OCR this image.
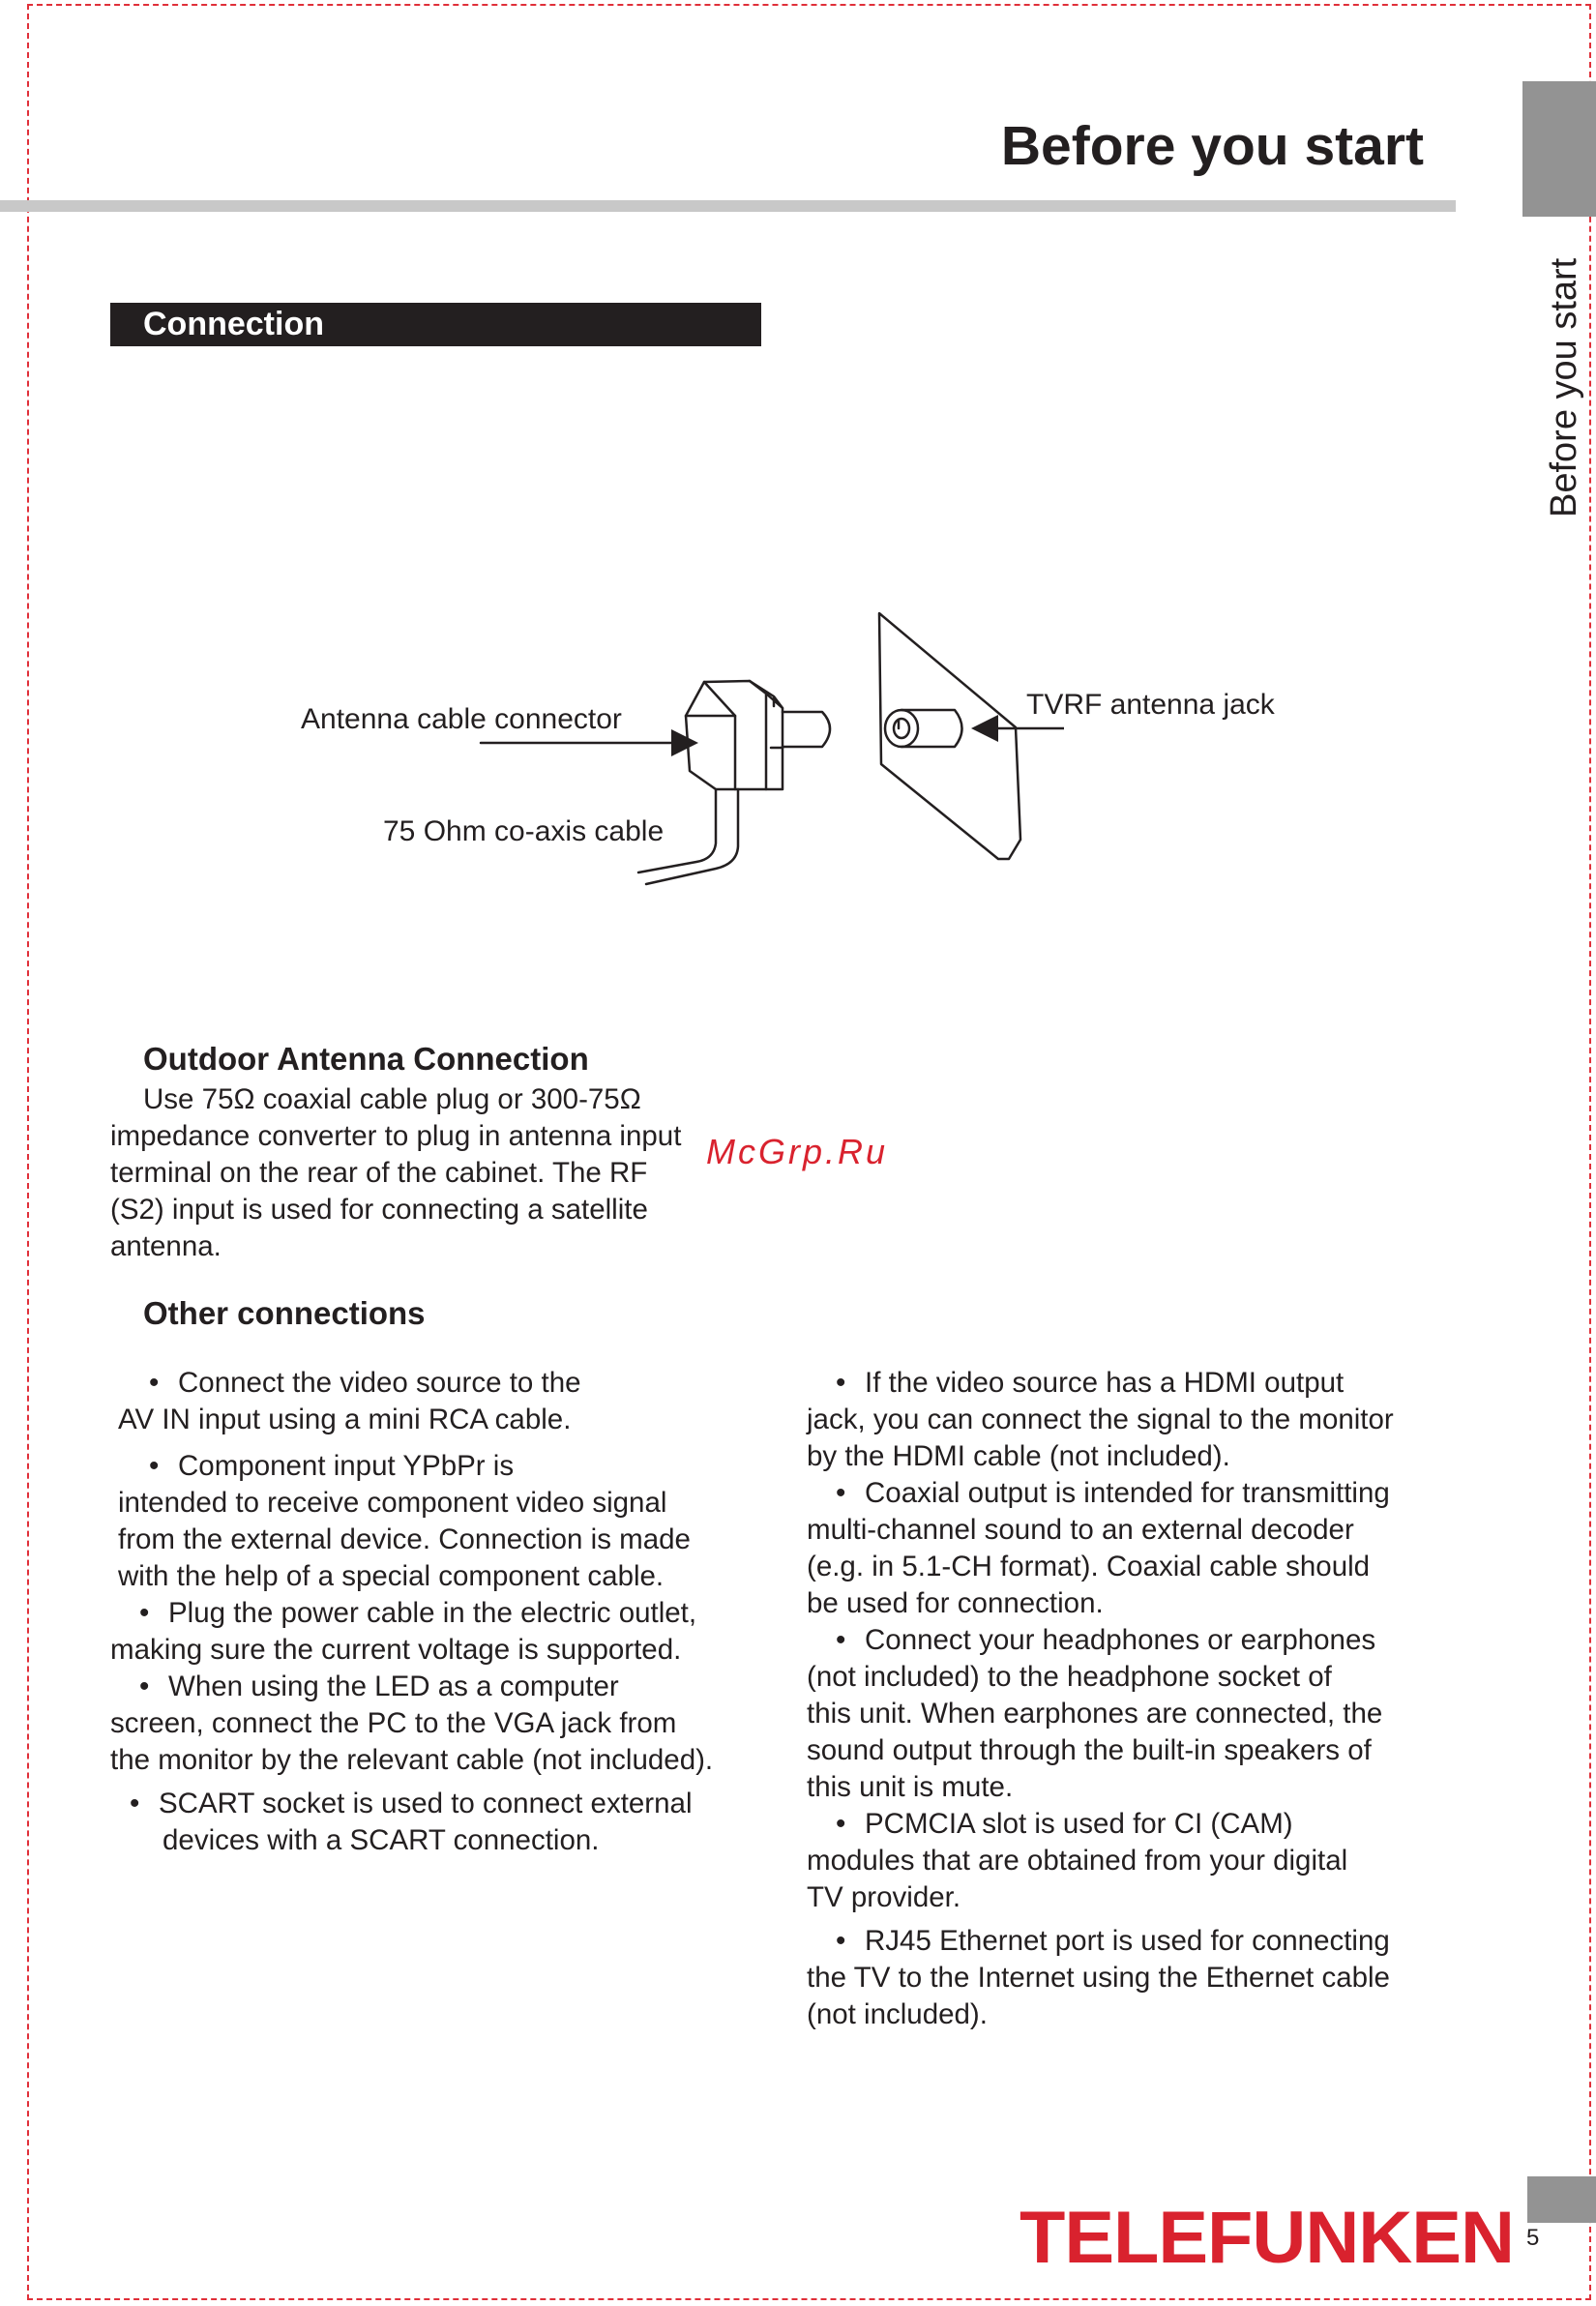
Before you start
Before you start
Connection
Antenna cable connector
75 Ohm co-axis cable
TVRF antenna jack
Outdoor Antenna Connection

Use 75Ω coaxial cable plug or 300-75Ω
impedance converter to plug in antenna input
terminal on the rear of the cabinet. The RF
(S2) input is used for connecting a satellite
antenna.

McGrp.Ru
Other connections
• Connect the video source to the
AV IN input using a mini RCA cable.
• Component input YPbPr is
intended to receive component video signal
from the external device. Connection is made
with the help of a special component cable.
• Plug the power cable in the electric outlet,
making sure the current voltage is supported.
• When using the LED as a computer
screen, connect the PC to the VGA jack from
the monitor by the relevant cable (not included).
• SCART socket is used to connect external
devices with a SCART connection.
• If the video source has a HDMI output
jack, you can connect the signal to the monitor
by the HDMI cable (not included).
• Coaxial output is intended for transmitting
multi-channel sound to an external decoder
(e.g. in 5.1-CH format). Coaxial cable should
be used for connection.
• Connect your headphones or earphones
(not included) to the headphone socket of
this unit. When earphones are connected, the
sound output through the built-in speakers of
this unit is mute.
• PCMCIA slot is used for CI (CAM)
modules that are obtained from your digital
TV provider.
• RJ45 Ethernet port is used for connecting
the TV to the Internet using the Ethernet cable
(not included).
TELEFUNKEN 5
